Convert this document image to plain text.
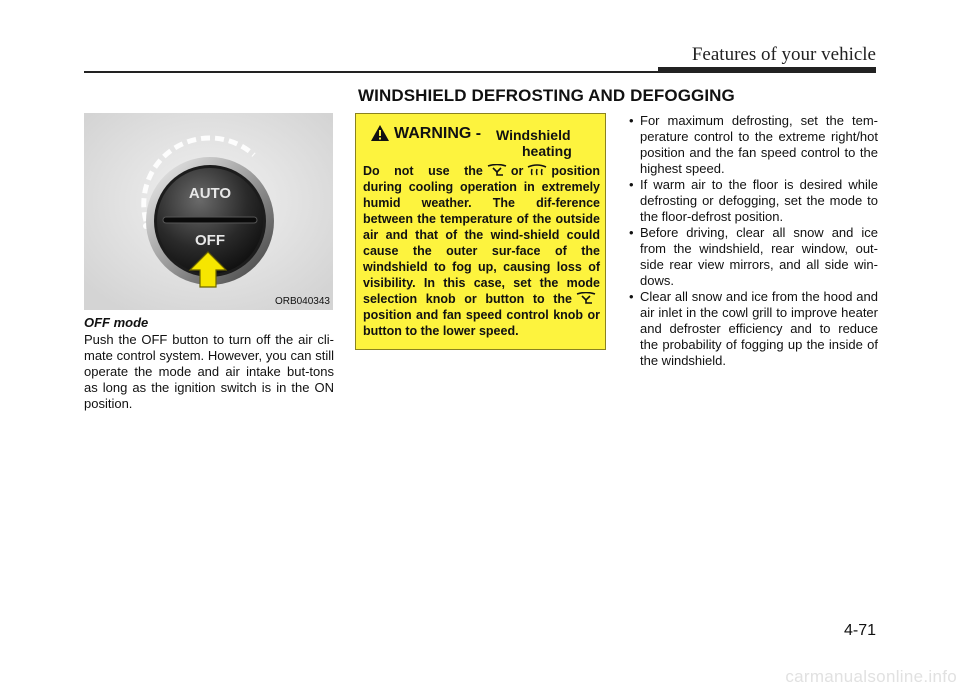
Features of your vehicle
WINDSHIELD DEFROSTING AND DEFOGGING
AUTO
OFF
ORB040343
OFF mode
Push the OFF button to turn off the air cli-mate control system. However, you can still operate the mode and air intake but-tons as long as the ignition switch is in the ON position.
WARNING - Windshield
heating
Do not use the or position during cooling operation in extremely humid weather. The dif-ference between the temperature of the outside air and that of the wind-shield could cause the outer sur-face of the windshield to fog up, causing loss of visibility. In this case, set the mode selection knob or button to theposition and fan speed control knob or button to the lower speed.
• For maximum defrosting, set the tem-perature control to the extreme right/hot position and the fan speed control to the highest speed.
• If warm air to the floor is desired while defrosting or defogging, set the mode to the floor-defrost position.
• Before driving, clear all snow and ice from the windshield, rear window, out-side rear view mirrors, and all side win-dows.
• Clear all snow and ice from the hood and air inlet in the cowl grill to improve heater and defroster efficiency and to reduce the probability of fogging up the inside of the windshield.
4-71
carmanualsonline.info
